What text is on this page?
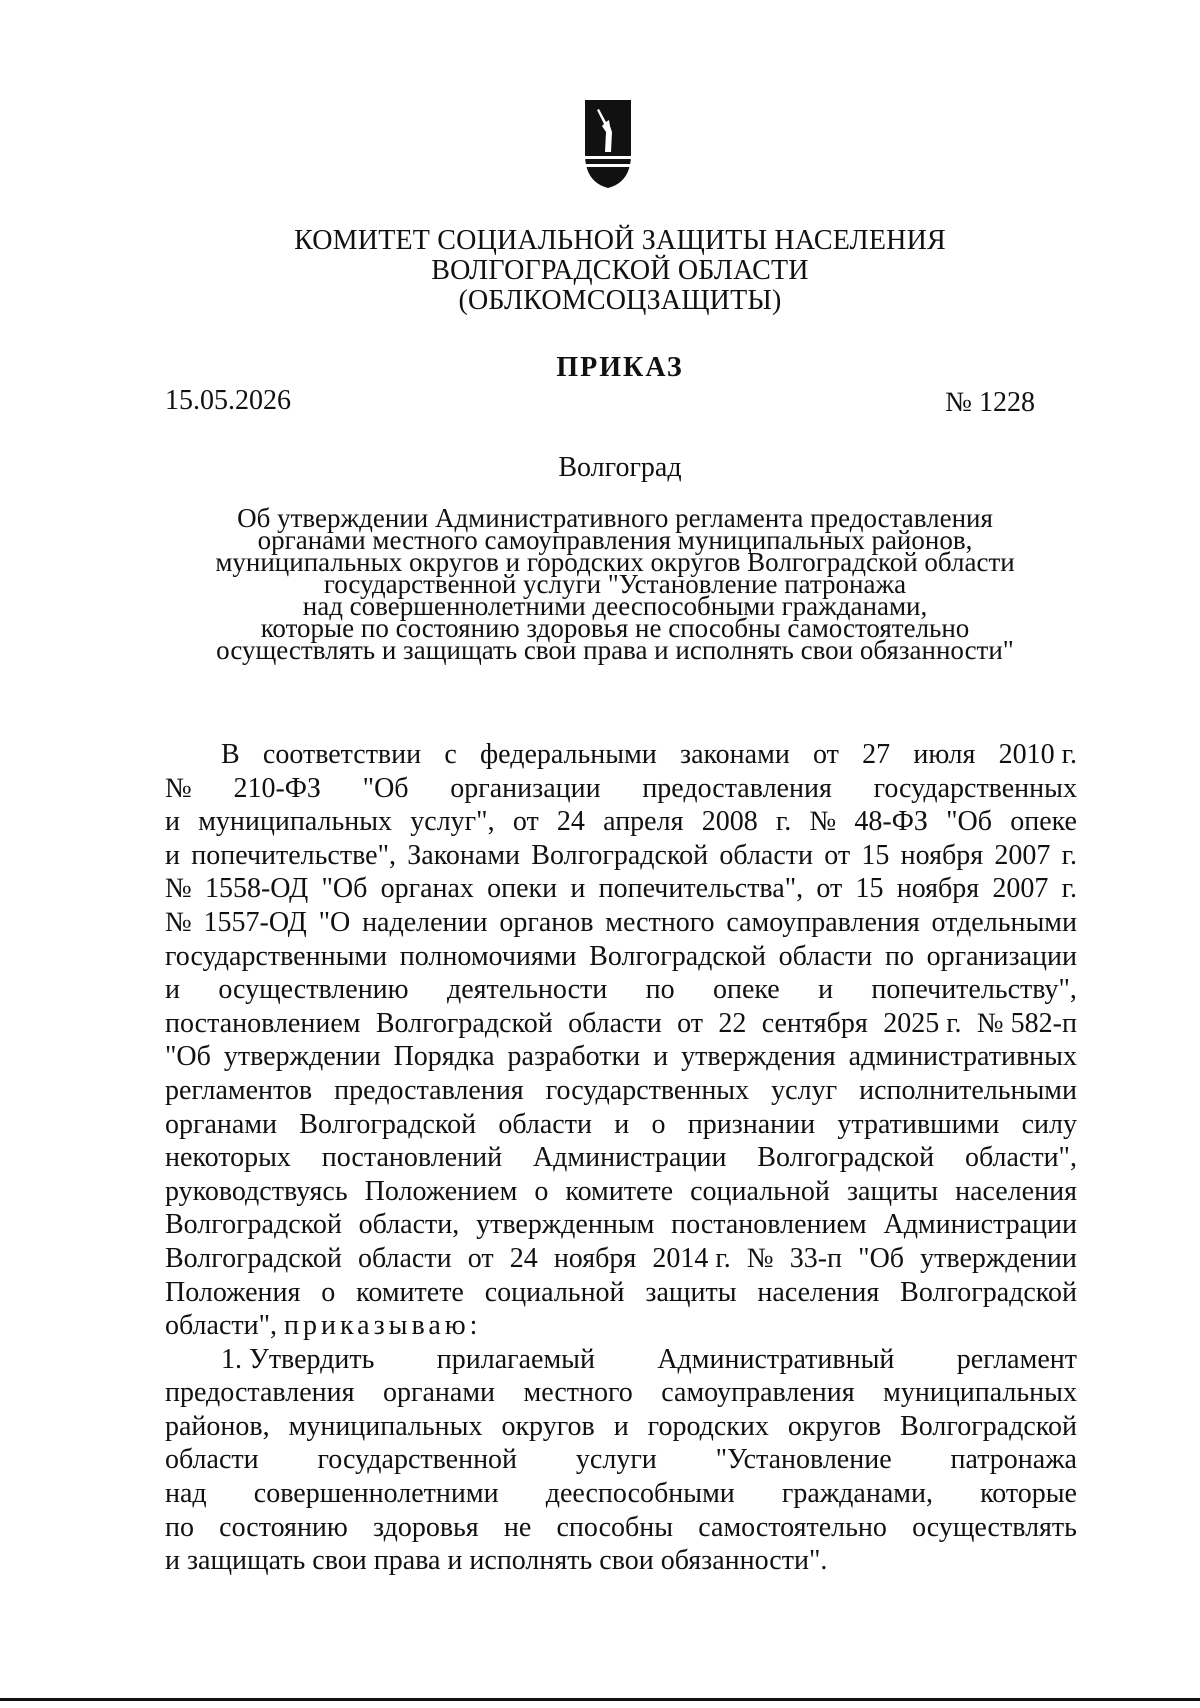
КОМИТЕТ СОЦИАЛЬНОЙ ЗАЩИТЫ НАСЕЛЕНИЯ
ВОЛГОГРАДСКОЙ ОБЛАСТИ
(ОБЛКОМСОЦЗАЩИТЫ)
ПРИКАЗ
15.05.2026	№ 1228
Волгоград
Об утверждении Административного регламента предоставления
органами местного самоуправления муниципальных районов,
муниципальных округов и городских округов Волгоградской области
государственной услуги "Установление патронажа
над совершеннолетними дееспособными гражданами,
которые по состоянию здоровья не способны самостоятельно
осуществлять и защищать свои права и исполнять свои обязанности"
В соответствии с федеральными законами от 27 июля 2010 г.
№ 210-ФЗ "Об организации предоставления государственных
и муниципальных услуг", от 24 апреля 2008 г. № 48-ФЗ "Об опеке
и попечительстве", Законами Волгоградской области от 15 ноября 2007 г.
№ 1558-ОД "Об органах опеки и попечительства", от 15 ноября 2007 г.
№ 1557-ОД "О наделении органов местного самоуправления отдельными
государственными полномочиями Волгоградской области по организации
и осуществлению деятельности по опеке и попечительству",
постановлением Волгоградской области от 22 сентября 2025 г. № 582-п
"Об утверждении Порядка разработки и утверждения административных
регламентов предоставления государственных услуг исполнительными
органами Волгоградской области и о признании утратившими силу
некоторых постановлений Администрации Волгоградской области",
руководствуясь Положением о комитете социальной защиты населения
Волгоградской области, утвержденным постановлением Администрации
Волгоградской области от 24 ноября 2014 г. № 33-п "Об утверждении
Положения о комитете социальной защиты населения Волгоградской
области", приказываю:
1. Утвердить прилагаемый Административный регламент
предоставления органами местного самоуправления муниципальных
районов, муниципальных округов и городских округов Волгоградской
области государственной услуги "Установление патронажа
над совершеннолетними дееспособными гражданами, которые
по состоянию здоровья не способны самостоятельно осуществлять
и защищать свои права и исполнять свои обязанности".
